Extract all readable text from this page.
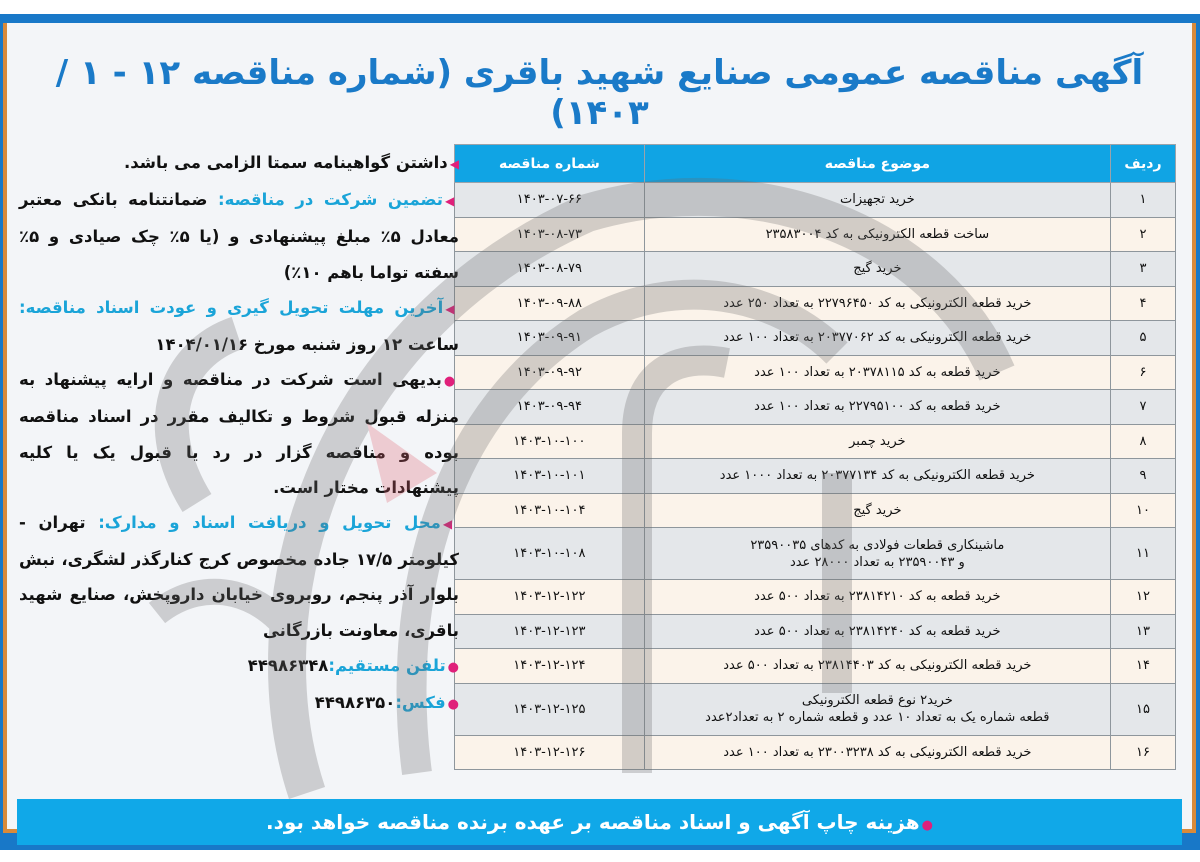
آگهی مناقصه عمومی صنایع شهید باقری (شماره مناقصه ۱۲ - ۱ /۱۴۰۳)
ردیف	موضوع مناقصه	شماره مناقصه
۱	خرید تجهیزات	۱۴۰۳-۰۷-۶۶
۲	ساخت قطعه الکترونیکی به کد ۲۳۵۸۳۰۰۴	۱۴۰۳-۰۸-۷۳
۳	خرید گیج	۱۴۰۳-۰۸-۷۹
۴	خرید قطعه الکترونیکی به کد ۲۲۷۹۶۴۵۰ به تعداد ۲۵۰ عدد	۱۴۰۳-۰۹-۸۸
۵	خرید قطعه الکترونیکی به کد ۲۰۳۷۷۰۶۲ به تعداد ۱۰۰ عدد	۱۴۰۳-۰۹-۹۱
۶	خرید قطعه به کد ۲۰۳۷۸۱۱۵ به تعداد ۱۰۰ عدد	۱۴۰۳-۰۹-۹۲
۷	خرید قطعه به کد ۲۲۷۹۵۱۰۰ به تعداد ۱۰۰ عدد	۱۴۰۳-۰۹-۹۴
۸	خرید چمبر	۱۴۰۳-۱۰-۱۰۰
۹	خرید قطعه الکترونیکی به کد ۲۰۳۷۷۱۳۴ به تعداد ۱۰۰۰ عدد	۱۴۰۳-۱۰-۱۰۱
۱۰	خرید گیج	۱۴۰۳-۱۰-۱۰۴
۱۱	ماشینکاری قطعات فولادی به کدهای ۲۳۵۹۰۰۳۵
و ۲۳۵۹۰۰۴۳ به تعداد ۲۸۰۰۰ عدد	۱۴۰۳-۱۰-۱۰۸
۱۲	خرید قطعه به کد ۲۳۸۱۴۲۱۰ به تعداد ۵۰۰ عدد	۱۴۰۳-۱۲-۱۲۲
۱۳	خرید قطعه به کد ۲۳۸۱۴۲۴۰ به تعداد ۵۰۰ عدد	۱۴۰۳-۱۲-۱۲۳
۱۴	خرید قطعه الکترونیکی به کد ۲۳۸۱۴۴۰۳ به تعداد ۵۰۰ عدد	۱۴۰۳-۱۲-۱۲۴
۱۵	خرید۲ نوع قطعه الکترونیکی
قطعه شماره یک به تعداد ۱۰ عدد و قطعه شماره ۲ به تعداد۲عدد	۱۴۰۳-۱۲-۱۲۵
۱۶	خرید قطعه الکترونیکی به کد ۲۳۰۰۳۲۳۸ به تعداد ۱۰۰ عدد	۱۴۰۳-۱۲-۱۲۶

◀داشتن گواهینامه سمتا الزامی می باشد.

◀تضمین شرکت در مناقصه: ضمانتنامه بانکی معتبر معادل ۵٪ مبلغ پیشنهادی و (یا ۵٪ چک صیادی و ۵٪ سفته تواما باهم ۱۰٪)

◀آخرین مهلت تحویل گیری و عودت اسناد مناقصه: ساعت ۱۲ روز شنبه مورخ ۱۴۰۴/۰۱/۱۶

●بدیهی است شرکت در مناقصه و ارایه پیشنهاد به منزله قبول شروط و تکالیف مقرر در اسناد مناقصه بوده و مناقصه گزار در رد یا قبول یک یا کلیه پیشنهادات مختار است.

◀محل تحویل و دریافت اسناد و مدارک: تهران - کیلومتر ۱۷/۵ جاده مخصوص کرج کنارگذر لشگری، نبش بلوار آذر پنجم، روبروی خیابان داروپخش، صنایع شهید باقری، معاونت بازرگانی

●تلفن مستقیم:۴۴۹۸۶۳۴۸

●فکس:۴۴۹۸۶۳۵۰

●هزینه چاپ آگهی و اسناد مناقصه بر عهده برنده مناقصه خواهد بود.
